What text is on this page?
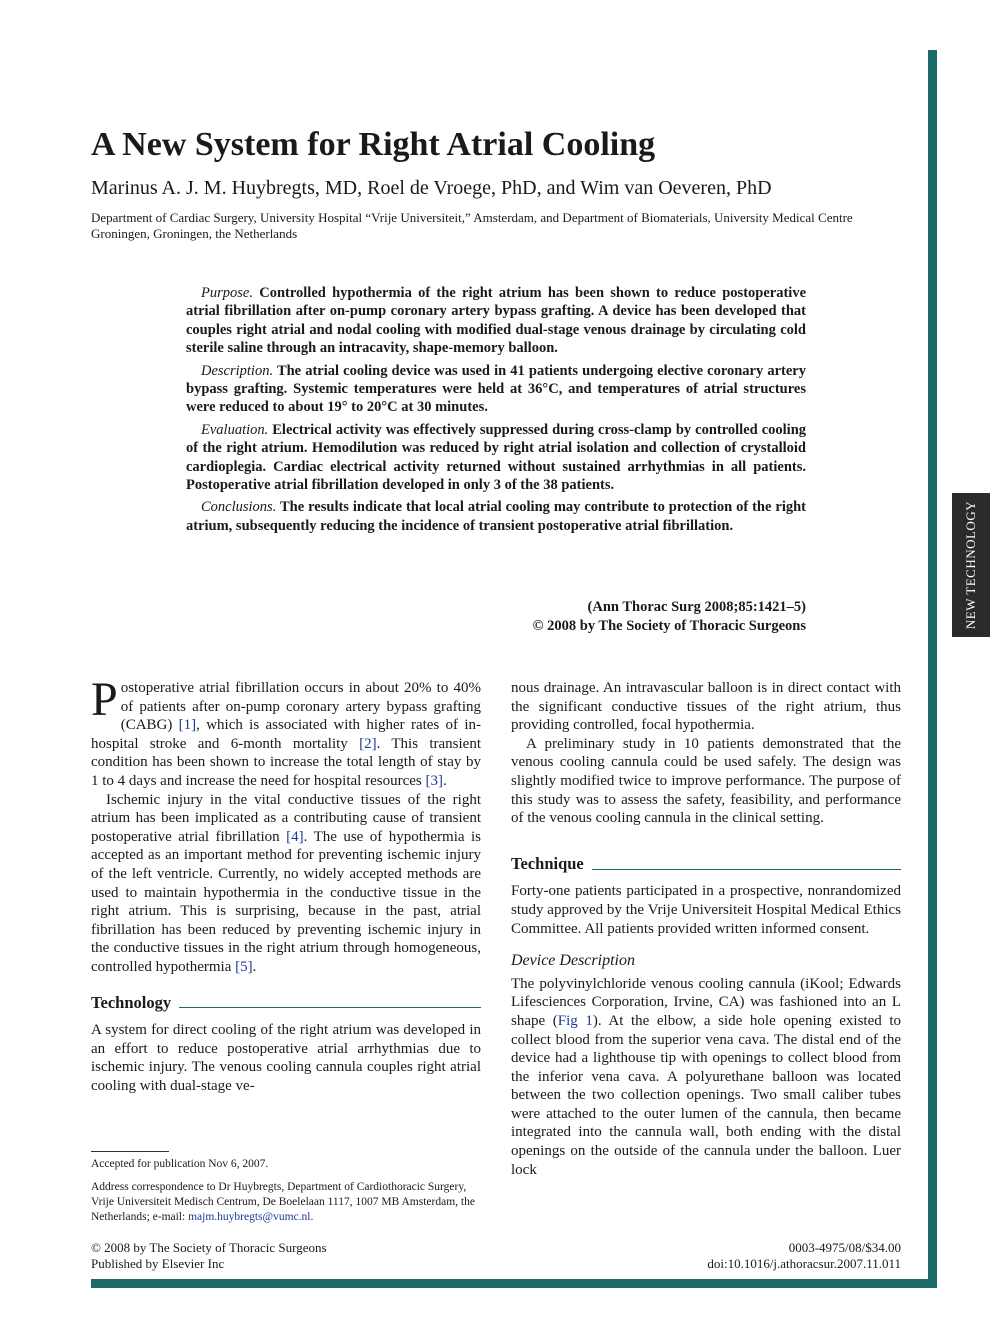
NEW TECHNOLOGY
A New System for Right Atrial Cooling
Marinus A. J. M. Huybregts, MD, Roel de Vroege, PhD, and Wim van Oeveren, PhD
Department of Cardiac Surgery, University Hospital “Vrije Universiteit,” Amsterdam, and Department of Biomaterials, University Medical Centre Groningen, Groningen, the Netherlands

Purpose. Controlled hypothermia of the right atrium has been shown to reduce postoperative atrial fibrillation after on-pump coronary artery bypass grafting. A device has been developed that couples right atrial and nodal cooling with modified dual-stage venous drainage by circulating cold sterile saline through an intracavity, shape-memory balloon.

Description. The atrial cooling device was used in 41 patients undergoing elective coronary artery bypass grafting. Systemic temperatures were held at 36°C, and temperatures of atrial structures were reduced to about 19° to 20°C at 30 minutes.

Evaluation. Electrical activity was effectively suppressed during cross-clamp by controlled cooling of the right atrium. Hemodilution was reduced by right atrial isolation and collection of crystalloid cardioplegia. Cardiac electrical activity returned without sustained arrhythmias in all patients. Postoperative atrial fibrillation developed in only 3 of the 38 patients.

Conclusions. The results indicate that local atrial cooling may contribute to protection of the right atrium, subsequently reducing the incidence of transient postoperative atrial fibrillation.

(Ann Thorac Surg 2008;85:1421–5)
© 2008 by The Society of Thoracic Surgeons

Postoperative atrial fibrillation occurs in about 20% to 40% of patients after on-pump coronary artery bypass grafting (CABG) [1], which is associated with higher rates of in-hospital stroke and 6-month mortality [2]. This transient condition has been shown to increase the total length of stay by 1 to 4 days and increase the need for hospital resources [3].

Ischemic injury in the vital conductive tissues of the right atrium has been implicated as a contributing cause of transient postoperative atrial fibrillation [4]. The use of hypothermia is accepted as an important method for preventing ischemic injury of the left ventricle. Currently, no widely accepted methods are used to maintain hypothermia in the conductive tissue in the right atrium. This is surprising, because in the past, atrial fibrillation has been reduced by preventing ischemic injury in the conductive tissues in the right atrium through homogeneous, controlled hypothermia [5].

Technology

A system for direct cooling of the right atrium was developed in an effort to reduce postoperative atrial arrhythmias due to ischemic injury. The venous cooling cannula couples right atrial cooling with dual-stage ve-

nous drainage. An intravascular balloon is in direct contact with the significant conductive tissues of the right atrium, thus providing controlled, focal hypothermia.

A preliminary study in 10 patients demonstrated that the venous cooling cannula could be used safely. The design was slightly modified twice to improve performance. The purpose of this study was to assess the safety, feasibility, and performance of the venous cooling cannula in the clinical setting.

Technique

Forty-one patients participated in a prospective, nonrandomized study approved by the Vrije Universiteit Hospital Medical Ethics Committee. All patients provided written informed consent.

Device Description

The polyvinylchloride venous cooling cannula (iKool; Edwards Lifesciences Corporation, Irvine, CA) was fashioned into an L shape (Fig 1). At the elbow, a side hole opening existed to collect blood from the superior vena cava. The distal end of the device had a lighthouse tip with openings to collect blood from the inferior vena cava. A polyurethane balloon was located between the two collection openings. Two small caliber tubes were attached to the outer lumen of the cannula, then became integrated into the cannula wall, both ending with the distal openings on the outside of the cannula under the balloon. Luer lock

Accepted for publication Nov 6, 2007.

Address correspondence to Dr Huybregts, Department of Cardiothoracic Surgery, Vrije Universiteit Medisch Centrum, De Boelelaan 1117, 1007 MB Amsterdam, the Netherlands; e-mail: majm.huybregts@vumc.nl.

© 2008 by The Society of Thoracic Surgeons
Published by Elsevier Inc
0003-4975/08/$34.00
doi:10.1016/j.athoracsur.2007.11.011
